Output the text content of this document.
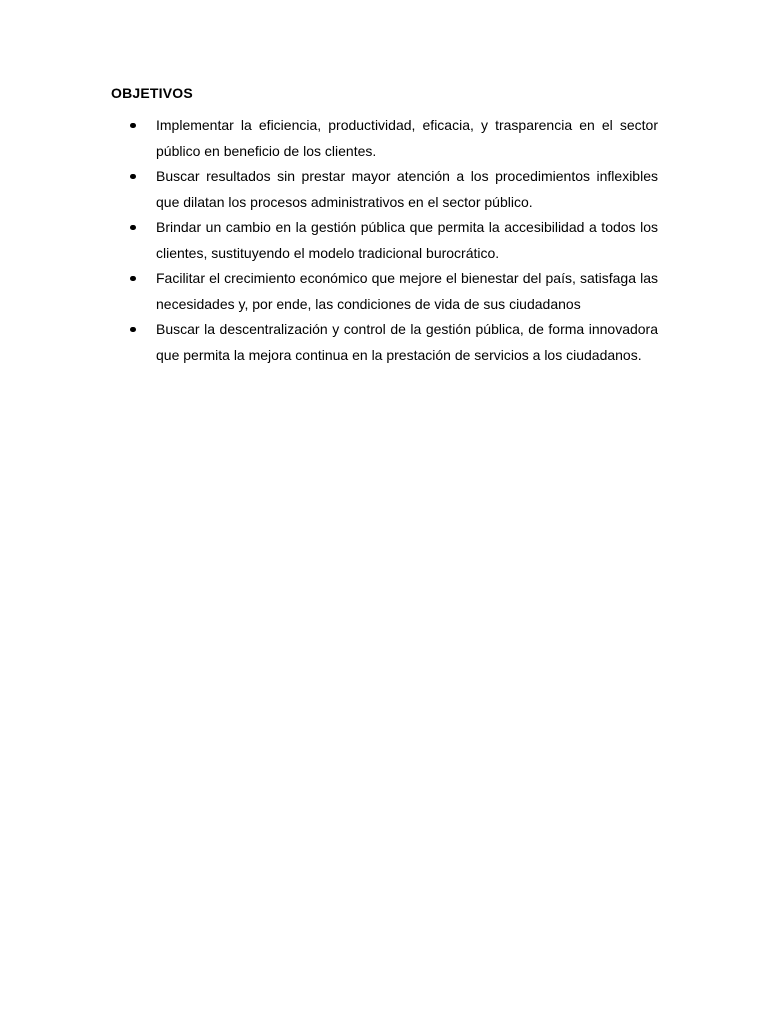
OBJETIVOS
Implementar la eficiencia, productividad, eficacia, y trasparencia en el sector público en beneficio de los clientes.
Buscar resultados sin prestar mayor atención a los procedimientos inflexibles que dilatan los procesos administrativos en el sector público.
Brindar un cambio en la gestión pública que permita la accesibilidad a todos los clientes, sustituyendo el modelo tradicional burocrático.
Facilitar el crecimiento económico que mejore el bienestar del país, satisfaga las necesidades y, por ende, las condiciones de vida de sus ciudadanos
Buscar la descentralización y control de la gestión pública, de forma innovadora que permita la mejora continua en la prestación de servicios a los ciudadanos.
